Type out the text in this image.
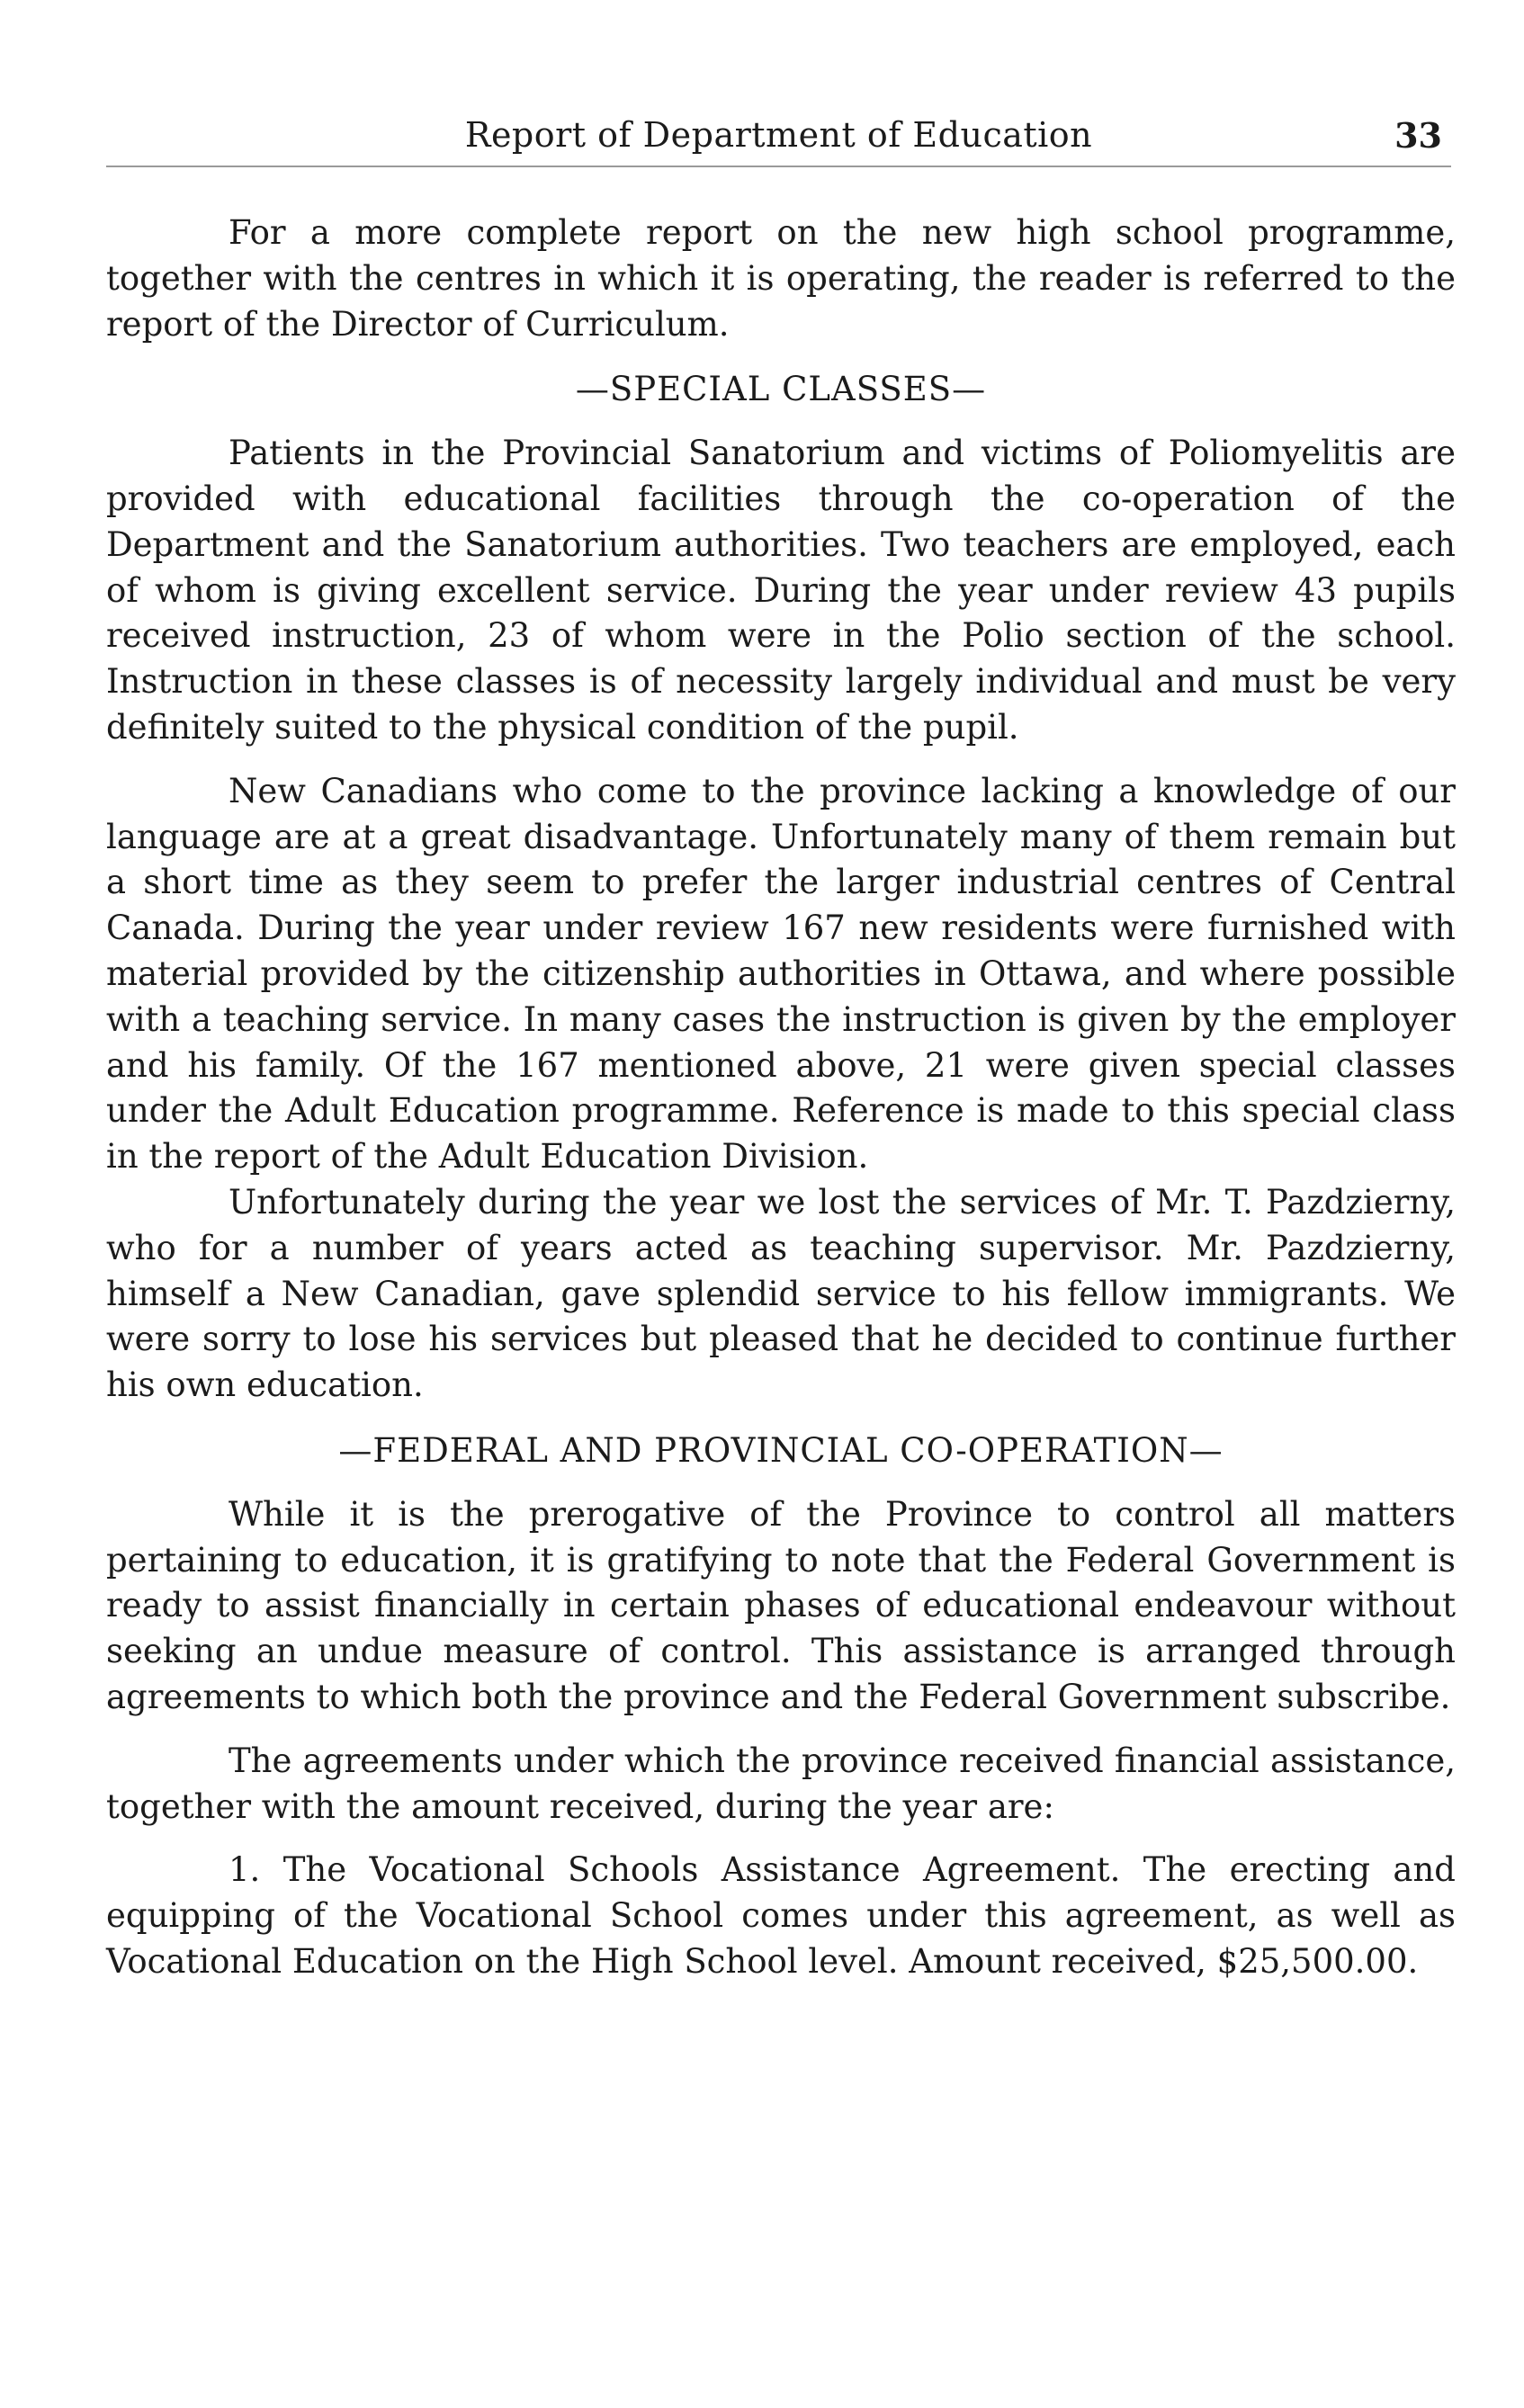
Report of Department of Education	33

For a more complete report on the new high school programme, together with the centres in which it is operating, the reader is referred to the report of the Director of Curriculum.

—SPECIAL CLASSES—

Patients in the Provincial Sanatorium and victims of Poliomyelitis are provided with educational facilities through the co-operation of the Department and the Sanatorium authorities. Two teachers are employed, each of whom is giving excellent service. During the year under review 43 pupils received instruction, 23 of whom were in the Polio section of the school. Instruction in these classes is of necessity largely individual and must be very definitely suited to the physical condition of the pupil.

New Canadians who come to the province lacking a knowledge of our language are at a great disadvantage. Unfortunately many of them remain but a short time as they seem to prefer the larger industrial centres of Central Canada. During the year under review 167 new residents were furnished with material provided by the citizenship authorities in Ottawa, and where possible with a teaching service. In many cases the instruction is given by the employer and his family. Of the 167 mentioned above, 21 were given special classes under the Adult Education programme. Reference is made to this special class in the report of the Adult Education Division.

Unfortunately during the year we lost the services of Mr. T. Pazdzierny, who for a number of years acted as teaching supervisor. Mr. Pazdzierny, himself a New Canadian, gave splendid service to his fellow immigrants. We were sorry to lose his services but pleased that he decided to continue further his own education.

—FEDERAL AND PROVINCIAL CO-OPERATION—

While it is the prerogative of the Province to control all matters pertaining to education, it is gratifying to note that the Federal Government is ready to assist financially in certain phases of educational endeavour without seeking an undue measure of control. This assistance is arranged through agreements to which both the province and the Federal Government subscribe.

The agreements under which the province received financial assistance, together with the amount received, during the year are:

1. The Vocational Schools Assistance Agreement. The erecting and equipping of the Vocational School comes under this agreement, as well as Vocational Education on the High School level. Amount received, $25,500.00.
